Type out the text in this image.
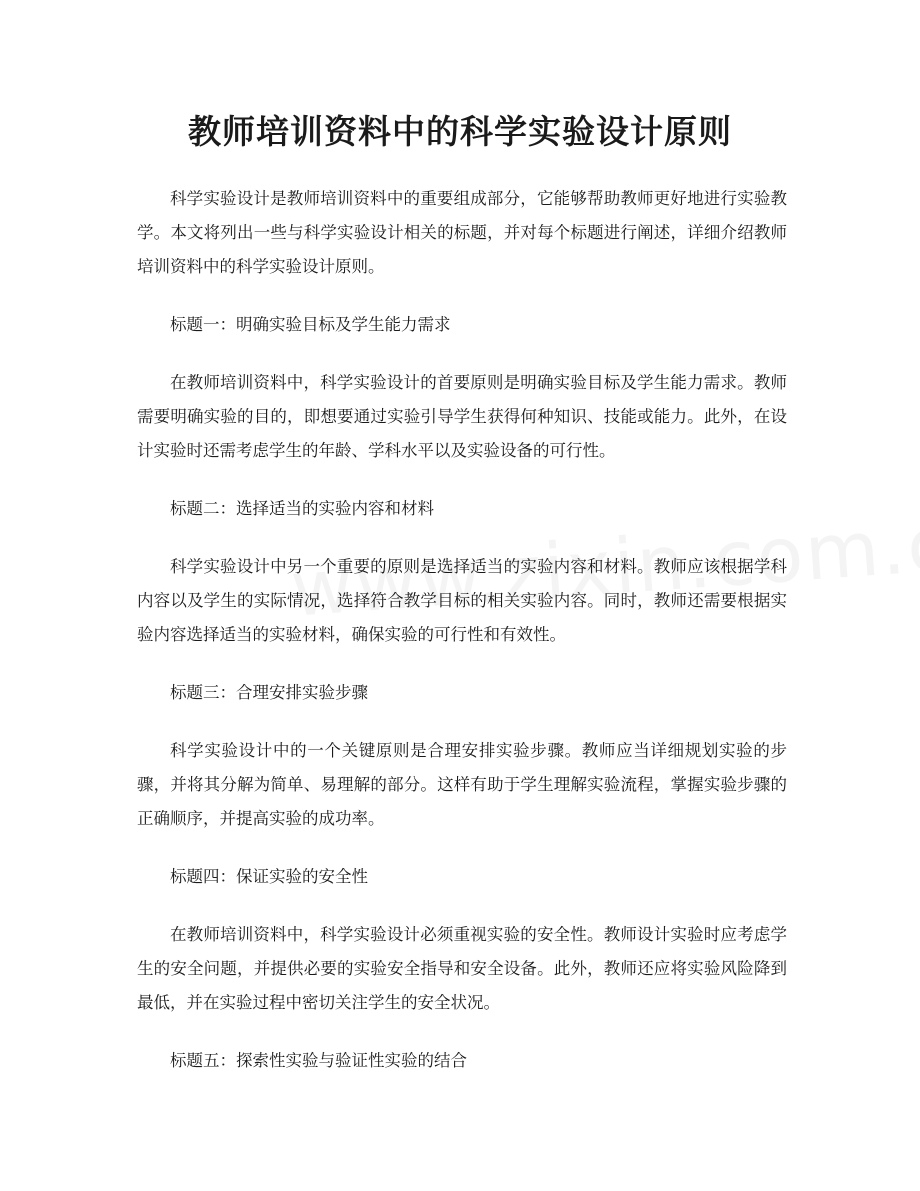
教师培训资料中的科学实验设计原则

科学实验设计是教师培训资料中的重要组成部分，它能够帮助教师更好地进行实验教学。本文将列出一些与科学实验设计相关的标题，并对每个标题进行阐述，详细介绍教师培训资料中的科学实验设计原则。

标题一：明确实验目标及学生能力需求

在教师培训资料中，科学实验设计的首要原则是明确实验目标及学生能力需求。教师需要明确实验的目的，即想要通过实验引导学生获得何种知识、技能或能力。此外，在设计实验时还需考虑学生的年龄、学科水平以及实验设备的可行性。

标题二：选择适当的实验内容和材料

科学实验设计中另一个重要的原则是选择适当的实验内容和材料。教师应该根据学科内容以及学生的实际情况，选择符合教学目标的相关实验内容。同时，教师还需要根据实验内容选择适当的实验材料，确保实验的可行性和有效性。

标题三：合理安排实验步骤

科学实验设计中的一个关键原则是合理安排实验步骤。教师应当详细规划实验的步骤，并将其分解为简单、易理解的部分。这样有助于学生理解实验流程，掌握实验步骤的正确顺序，并提高实验的成功率。

标题四：保证实验的安全性

在教师培训资料中，科学实验设计必须重视实验的安全性。教师设计实验时应考虑学生的安全问题，并提供必要的实验安全指导和安全设备。此外，教师还应将实验风险降到最低，并在实验过程中密切关注学生的安全状况。

标题五：探索性实验与验证性实验的结合
